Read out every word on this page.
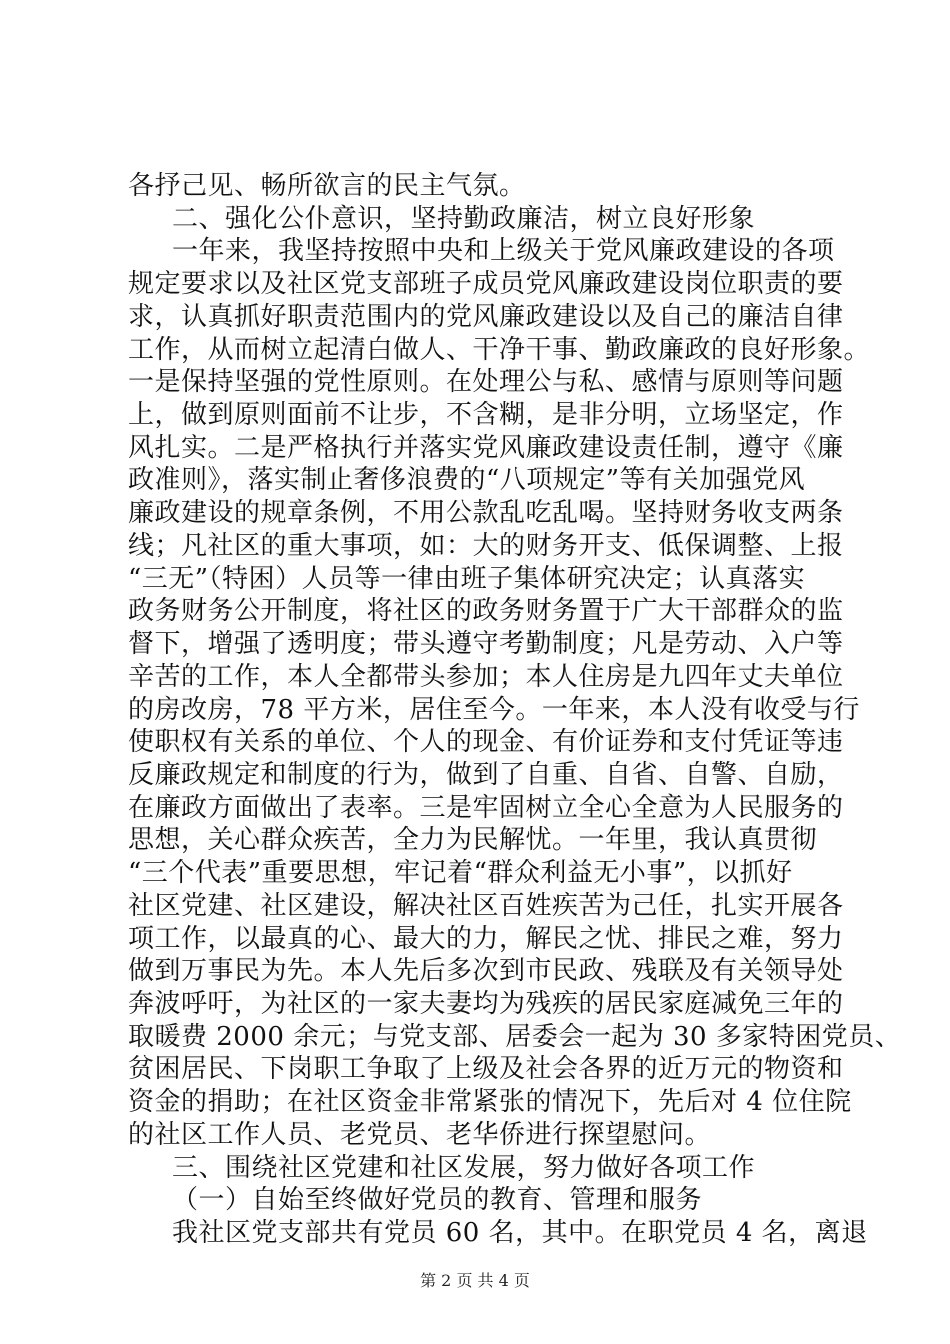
各抒己见、畅所欲言的民主气氛。
二、强化公仆意识，坚持勤政廉洁，树立良好形象
一年来，我坚持按照中央和上级关于党风廉政建设的各项
规定要求以及社区党支部班子成员党风廉政建设岗位职责的要
求，认真抓好职责范围内的党风廉政建设以及自己的廉洁自律
工作，从而树立起清白做人、干净干事、勤政廉政的良好形象。
一是保持坚强的党性原则。在处理公与私、感情与原则等问题
上，做到原则面前不让步，不含糊，是非分明，立场坚定，作
风扎实。二是严格执行并落实党风廉政建设责任制，遵守《廉
政准则》，落实制止奢侈浪费的“八项规定”等有关加强党风
廉政建设的规章条例，不用公款乱吃乱喝。坚持财务收支两条
线；凡社区的重大事项，如：大的财务开支、低保调整、上报
“三无”（特困）人员等一律由班子集体研究决定；认真落实
政务财务公开制度，将社区的政务财务置于广大干部群众的监
督下，增强了透明度；带头遵守考勤制度；凡是劳动、入户等
辛苦的工作，本人全都带头参加；本人住房是九四年丈夫单位
的房改房，78 平方米，居住至今。一年来，本人没有收受与行
使职权有关系的单位、个人的现金、有价证券和支付凭证等违
反廉政规定和制度的行为，做到了自重、自省、自警、自励，
在廉政方面做出了表率。三是牢固树立全心全意为人民服务的
思想，关心群众疾苦，全力为民解忧。一年里，我认真贯彻
“三个代表”重要思想，牢记着“群众利益无小事”，以抓好
社区党建、社区建设，解决社区百姓疾苦为己任，扎实开展各
项工作，以最真的心、最大的力，解民之忧、排民之难，努力
做到万事民为先。本人先后多次到市民政、残联及有关领导处
奔波呼吁，为社区的一家夫妻均为残疾的居民家庭减免三年的
取暖费 2000 余元；与党支部、居委会一起为 30 多家特困党员、
贫困居民、下岗职工争取了上级及社会各界的近万元的物资和
资金的捐助；在社区资金非常紧张的情况下，先后对 4 位住院
的社区工作人员、老党员、老华侨进行探望慰问。
三、围绕社区党建和社区发展，努力做好各项工作
（一）自始至终做好党员的教育、管理和服务
我社区党支部共有党员 60 名，其中。在职党员 4 名，离退
第 2 页 共 4 页
